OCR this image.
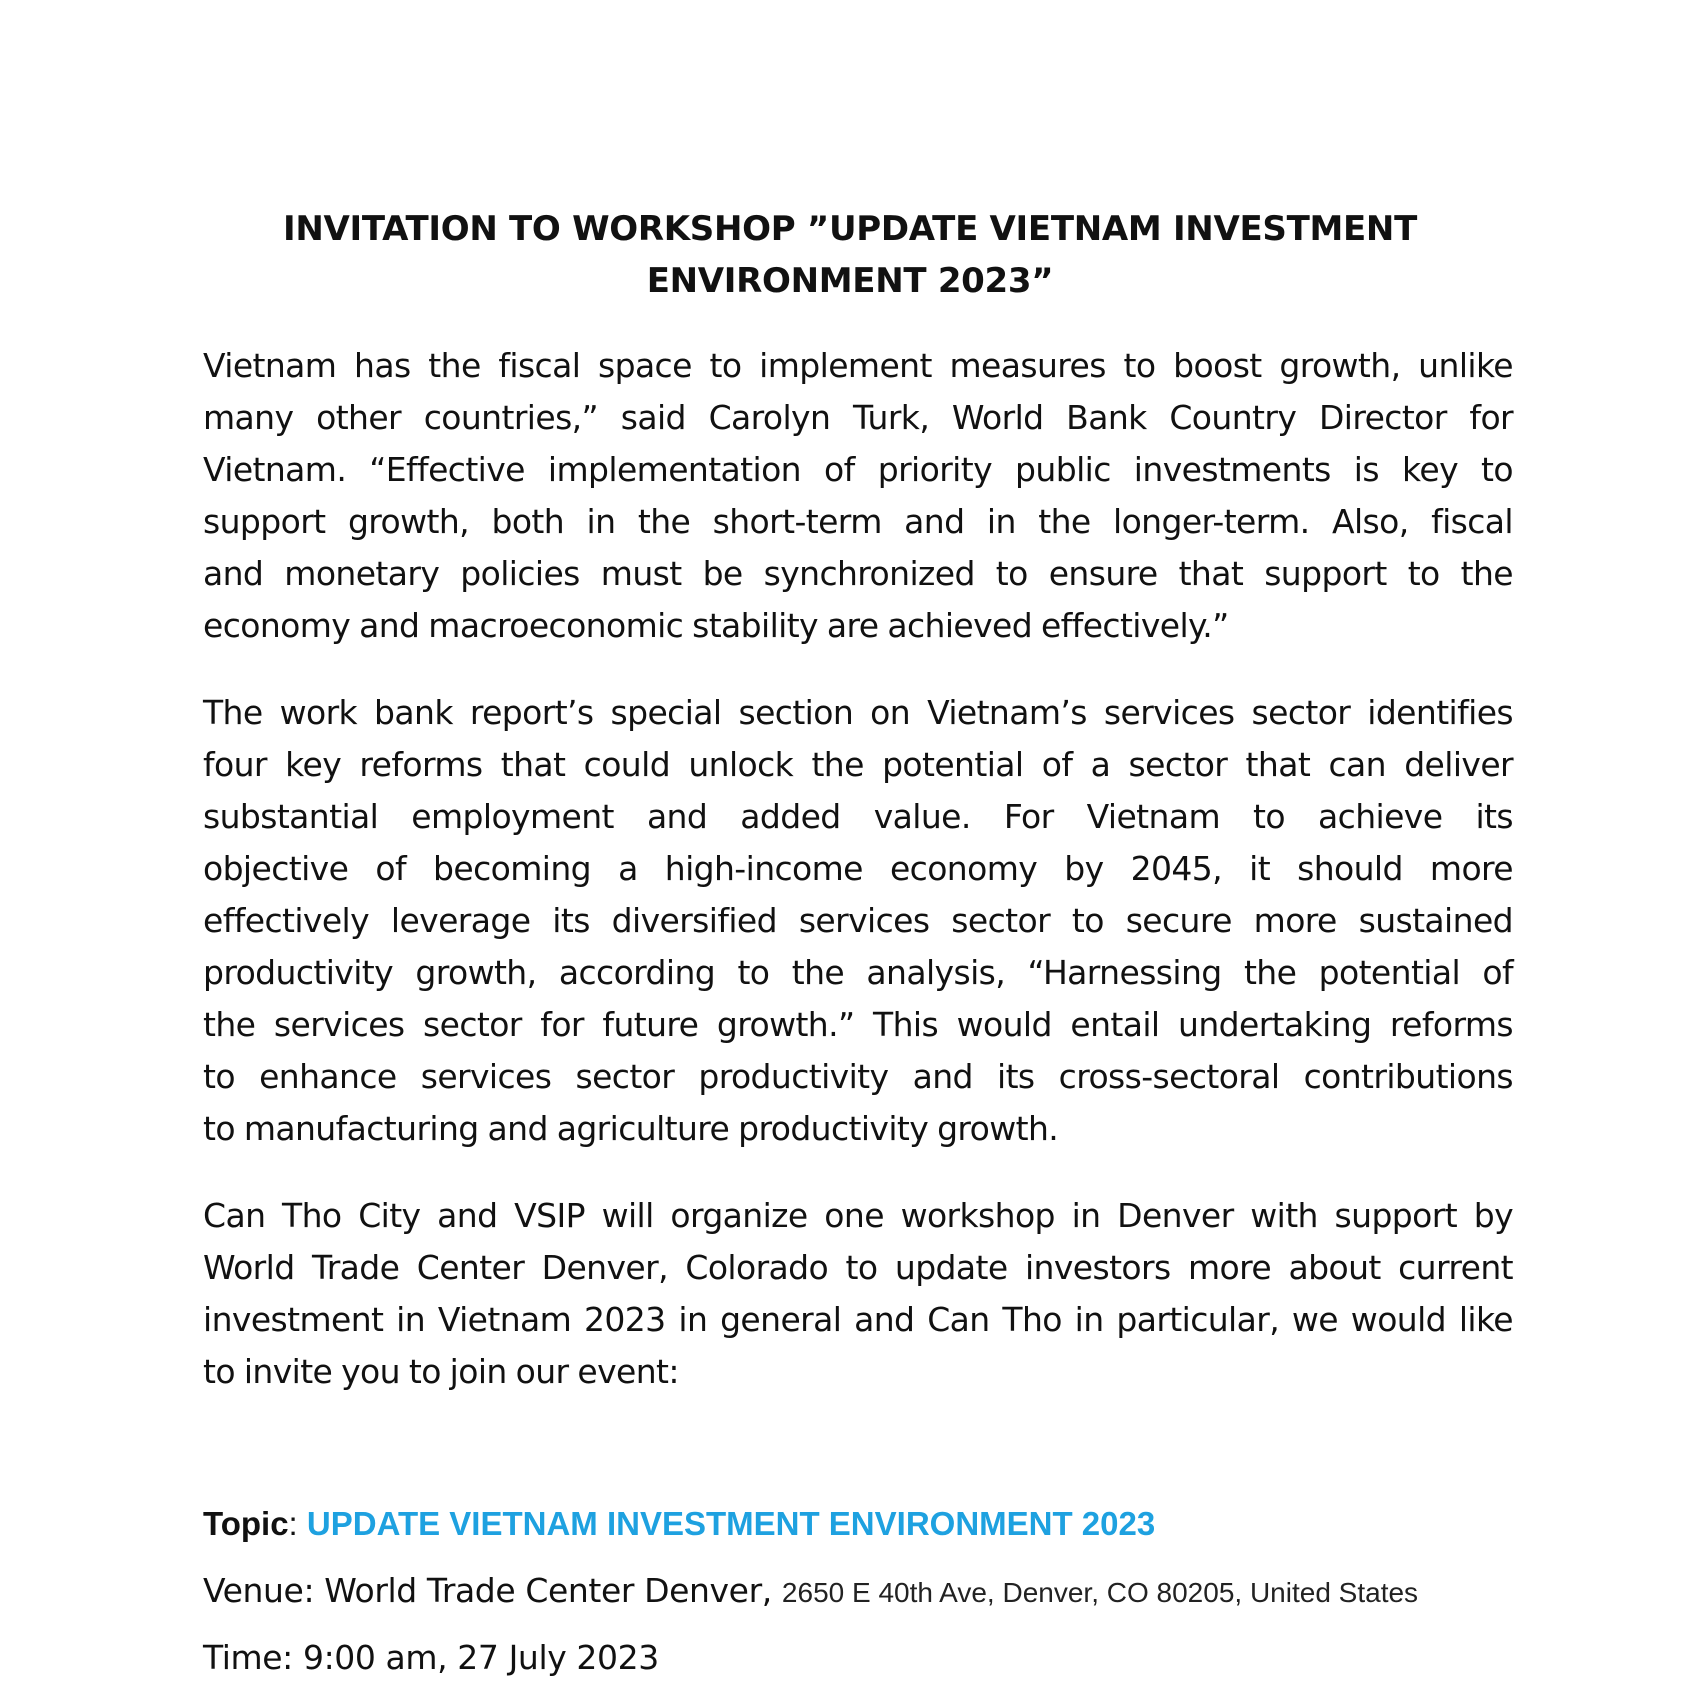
INVITATION TO WORKSHOP ”UPDATE VIETNAM INVESTMENT
ENVIRONMENT 2023”

Vietnam has the fiscal space to implement measures to boost growth, unlike
many other countries,” said Carolyn Turk, World Bank Country Director for
Vietnam. “Effective implementation of priority public investments is key to
support growth, both in the short-term and in the longer-term. Also, fiscal
and monetary policies must be synchronized to ensure that support to the
economy and macroeconomic stability are achieved effectively.”

The work bank report’s special section on Vietnam’s services sector identifies
four key reforms that could unlock the potential of a sector that can deliver
substantial employment and added value. For Vietnam to achieve its
objective of becoming a high-income economy by 2045, it should more
effectively leverage its diversified services sector to secure more sustained
productivity growth, according to the analysis, “Harnessing the potential of
the services sector for future growth.” This would entail undertaking reforms
to enhance services sector productivity and its cross-sectoral contributions
to manufacturing and agriculture productivity growth.

Can Tho City and VSIP will organize one workshop in Denver with support by
World Trade Center Denver, Colorado to update investors more about current
investment in Vietnam 2023 in general and Can Tho in particular, we would like
to invite you to join our event:

Topic: UPDATE VIETNAM INVESTMENT ENVIRONMENT 2023

Venue: World Trade Center Denver, 2650 E 40th Ave, Denver, CO 80205, United States

Time: 9:00 am, 27 July 2023
